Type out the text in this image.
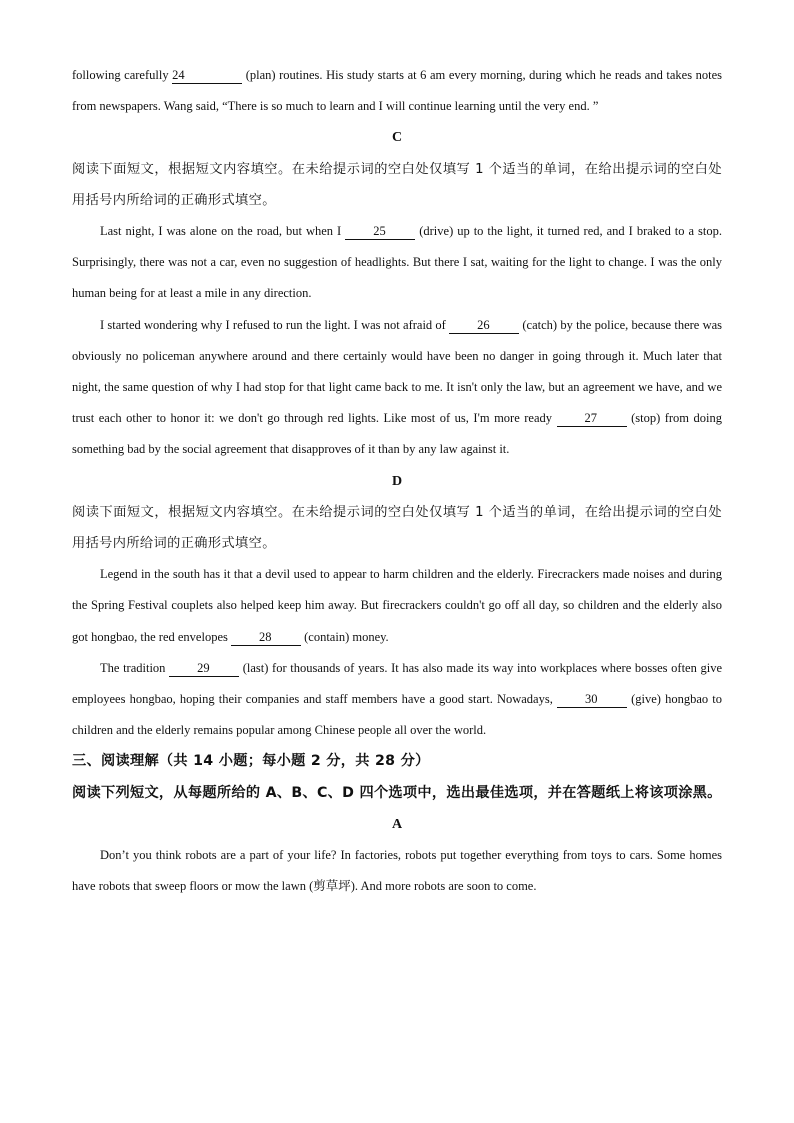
following carefully 24	(plan) routines. His study starts at 6 am every morning, during which he reads and takes notes from newspapers. Wang said, “There is so much to learn and I will continue learning until the very end. ”

C

阅读下面短文，根据短文内容填空。在未给提示词的空白处仅填写 1 个适当的单词，在给出提示词的空白处用括号内所给词的正确形式填空。

Last night, I was alone on the road, but when I	25	(drive) up to the light, it turned red, and I braked to a stop. Surprisingly, there was not a car, even no suggestion of headlights. But there I sat, waiting for the light to change. I was the only human being for at least a mile in any direction.

I started wondering why I refused to run the light. I was not afraid of	26	(catch) by the police, because there was obviously no policeman anywhere around and there certainly would have been no danger in going through it. Much later that night, the same question of why I had stop for that light came back to me. It isn't only the law, but an agreement we have, and we trust each other to honor it: we don't go through red lights. Like most of us, I'm more ready	27	(stop) from doing something bad by the social agreement that disapproves of it than by any law against it.

D

阅读下面短文，根据短文内容填空。在未给提示词的空白处仅填写 1 个适当的单词，在给出提示词的空白处用括号内所给词的正确形式填空。

Legend in the south has it that a devil used to appear to harm children and the elderly. Firecrackers made noises and during the Spring Festival couplets also helped keep him away. But firecrackers couldn't go off all day, so children and the elderly also got hongbao, the red envelopes 28	(contain) money.

The tradition	29	(last) for thousands of years. It has also made its way into workplaces where bosses often give employees hongbao, hoping their companies and staff members have a good start. Nowadays,	30	(give) hongbao to children and the elderly remains popular among Chinese people all over the world.

三、阅读理解（共 14 小题；每小题 2 分，共 28 分）

阅读下列短文，从每题所给的 A、B、C、D 四个选项中，选出最佳选项，并在答题纸上将该项涂黑。

A

Don’t you think robots are a part of your life? In factories, robots put together everything from toys to cars. Some homes have robots that sweep floors or mow the lawn (剪草坪). And more robots are soon to come.
